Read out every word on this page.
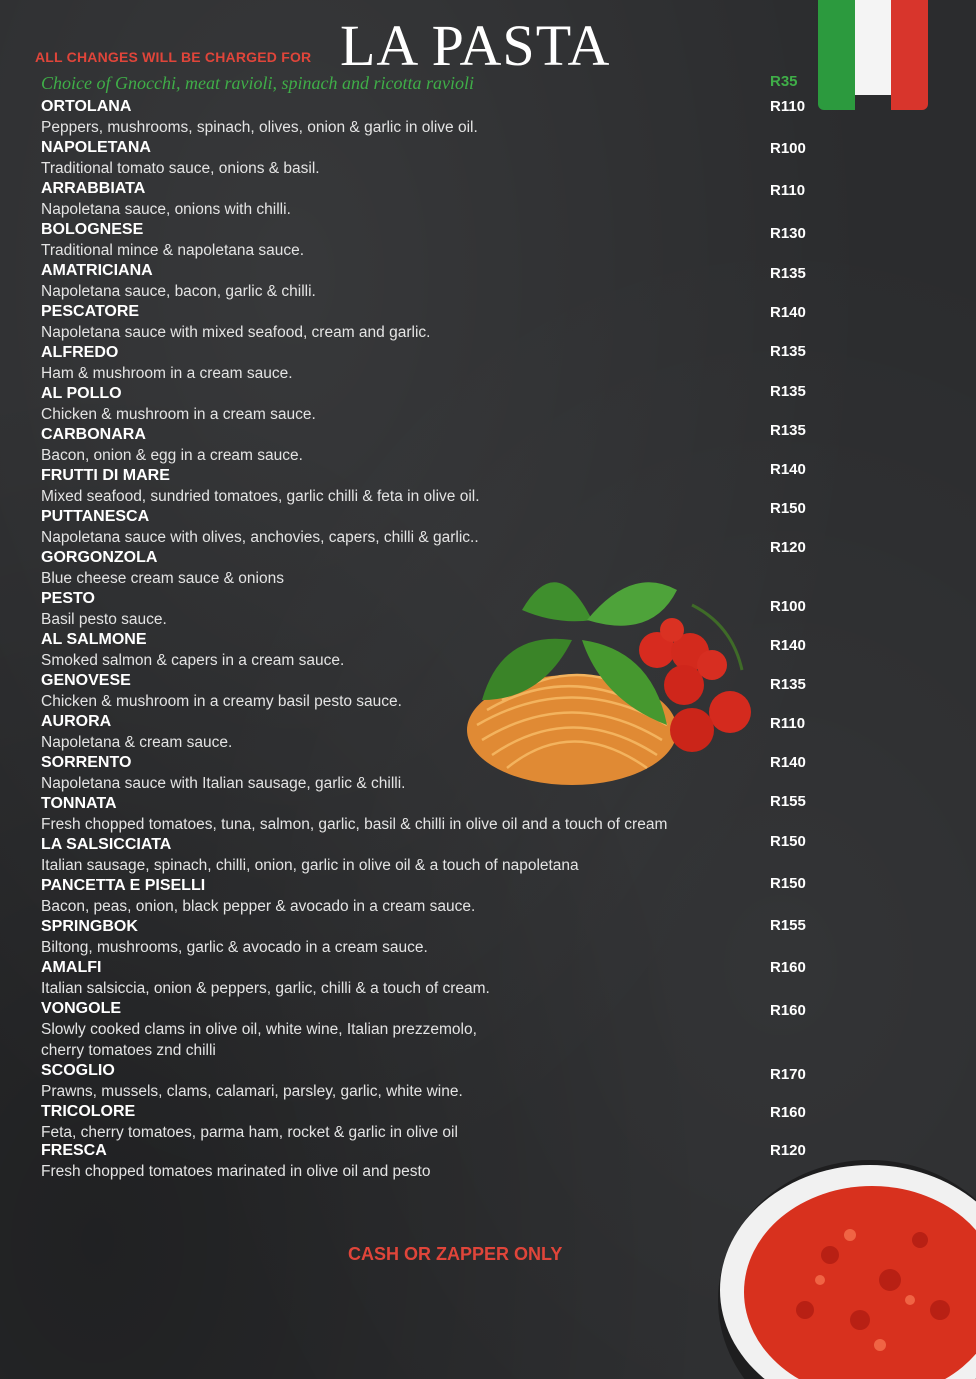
ALL CHANGES WILL BE CHARGED FOR LA PASTA
Choice of Gnocchi, meat ravioli, spinach and ricotta ravioli	R35
ORTOLANA
Peppers, mushrooms, spinach, olives, onion & garlic in olive oil.
R110
NAPOLETANA
Traditional tomato sauce, onions & basil.
R100
ARRABBIATA
Napoletana sauce, onions with chilli.
R110
BOLOGNESE
Traditional mince & napoletana sauce.
R130
AMATRICIANA
Napoletana sauce, bacon, garlic & chilli.
R135
PESCATORE
Napoletana sauce with mixed seafood, cream and garlic.
R140
ALFREDO
Ham & mushroom in a cream sauce.
R135
AL POLLO
Chicken & mushroom in a cream sauce.
R135
CARBONARA
Bacon, onion & egg in a cream sauce.
R135
FRUTTI DI MARE
Mixed seafood, sundried tomatoes, garlic chilli & feta in olive oil.
R140
PUTTANESCA
Napoletana sauce with olives, anchovies, capers, chilli & garlic..
R150
GORGONZOLA
Blue cheese cream sauce & onions
R120
PESTO
Basil pesto sauce.
R100
AL SALMONE
Smoked salmon & capers in a cream sauce.
R140
GENOVESE
Chicken & mushroom in a creamy basil pesto sauce.
R135
AURORA
Napoletana & cream sauce.
R110
SORRENTO
Napoletana sauce with Italian sausage, garlic & chilli.
R140
TONNATA
Fresh chopped tomatoes, tuna, salmon, garlic, basil & chilli in olive oil and a touch of cream
R155
LA SALSICCIATA
Italian sausage, spinach, chilli, onion, garlic in olive oil & a touch of napoletana
R150
PANCETTA E PISELLI
Bacon, peas, onion, black pepper & avocado in a cream sauce.
R150
SPRINGBOK
Biltong, mushrooms, garlic & avocado in a cream sauce.
R155
AMALFI
Italian salsiccia, onion & peppers, garlic, chilli & a touch of cream.
R160
VONGOLE
Slowly cooked clams in olive oil, white wine, Italian prezzemolo,
cherry tomatoes znd chilli
R160
SCOGLIO
Prawns, mussels, clams, calamari, parsley, garlic, white wine.
R170
TRICOLORE
Feta, cherry tomatoes, parma ham, rocket & garlic in olive oil
R160
FRESCA
Fresh chopped tomatoes marinated in olive oil and pesto
R120
CASH OR ZAPPER ONLY
